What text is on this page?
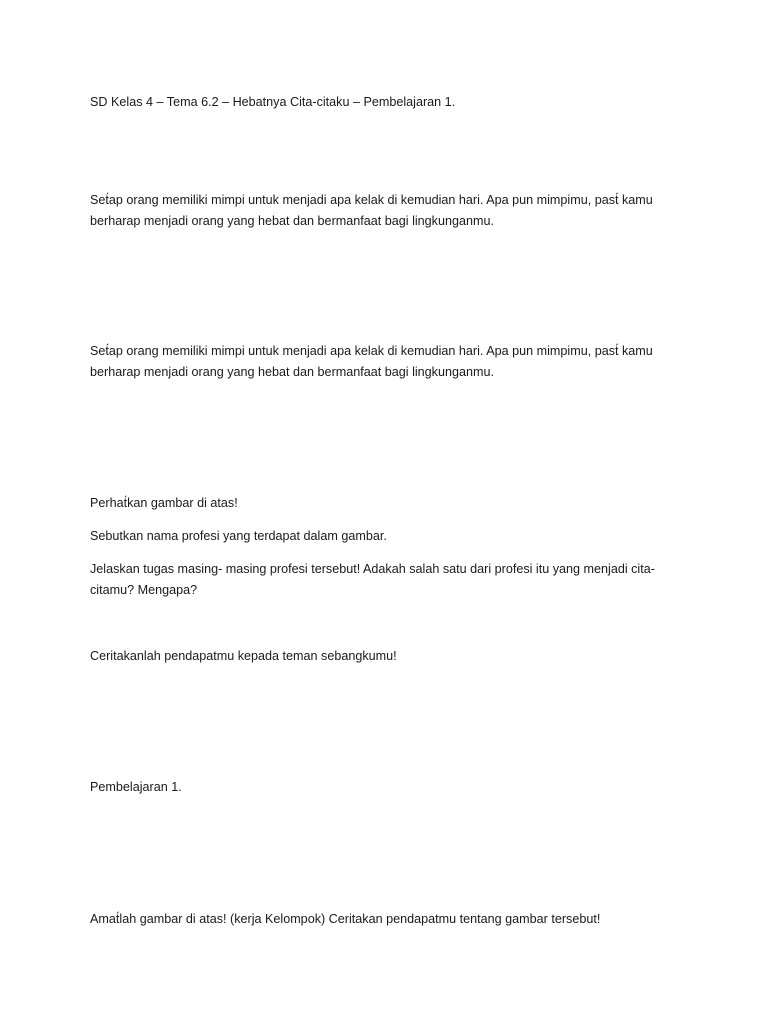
SD Kelas 4 – Tema 6.2 – Hebatnya Cita-citaku – Pembelajaran 1.

Set́ap orang memiliki mimpi untuk menjadi apa kelak di kemudian hari. Apa pun mimpimu, past́ kamu
berharap menjadi orang yang hebat dan bermanfaat bagi lingkunganmu.

Set́ap orang memiliki mimpi untuk menjadi apa kelak di kemudian hari. Apa pun mimpimu, past́ kamu
berharap menjadi orang yang hebat dan bermanfaat bagi lingkunganmu.

Perhat́kan gambar di atas!

Sebutkan nama profesi yang terdapat dalam gambar.

Jelaskan tugas masing- masing profesi tersebut! Adakah salah satu dari profesi itu yang menjadi cita-
citamu? Mengapa?

Ceritakanlah pendapatmu kepada teman sebangkumu!

Pembelajaran 1.

Amat́lah gambar di atas! (kerja Kelompok) Ceritakan pendapatmu tentang gambar tersebut!
